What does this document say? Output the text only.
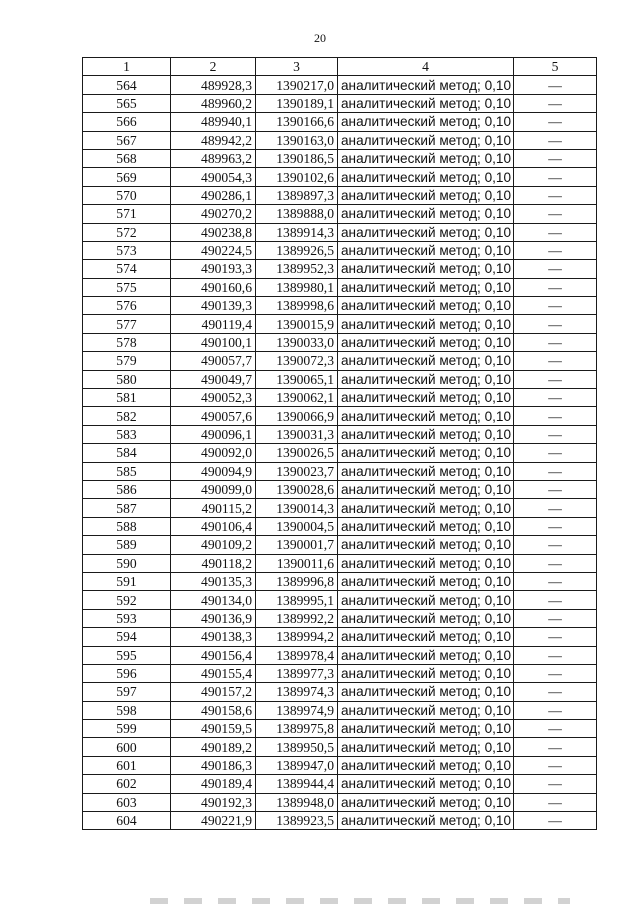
20
1	2	3	4	5
564	489928,3	1390217,0	аналитический метод; 0,10	—
565	489960,2	1390189,1	аналитический метод; 0,10	—
566	489940,1	1390166,6	аналитический метод; 0,10	—
567	489942,2	1390163,0	аналитический метод; 0,10	—
568	489963,2	1390186,5	аналитический метод; 0,10	—
569	490054,3	1390102,6	аналитический метод; 0,10	—
570	490286,1	1389897,3	аналитический метод; 0,10	—
571	490270,2	1389888,0	аналитический метод; 0,10	—
572	490238,8	1389914,3	аналитический метод; 0,10	—
573	490224,5	1389926,5	аналитический метод; 0,10	—
574	490193,3	1389952,3	аналитический метод; 0,10	—
575	490160,6	1389980,1	аналитический метод; 0,10	—
576	490139,3	1389998,6	аналитический метод; 0,10	—
577	490119,4	1390015,9	аналитический метод; 0,10	—
578	490100,1	1390033,0	аналитический метод; 0,10	—
579	490057,7	1390072,3	аналитический метод; 0,10	—
580	490049,7	1390065,1	аналитический метод; 0,10	—
581	490052,3	1390062,1	аналитический метод; 0,10	—
582	490057,6	1390066,9	аналитический метод; 0,10	—
583	490096,1	1390031,3	аналитический метод; 0,10	—
584	490092,0	1390026,5	аналитический метод; 0,10	—
585	490094,9	1390023,7	аналитический метод; 0,10	—
586	490099,0	1390028,6	аналитический метод; 0,10	—
587	490115,2	1390014,3	аналитический метод; 0,10	—
588	490106,4	1390004,5	аналитический метод; 0,10	—
589	490109,2	1390001,7	аналитический метод; 0,10	—
590	490118,2	1390011,6	аналитический метод; 0,10	—
591	490135,3	1389996,8	аналитический метод; 0,10	—
592	490134,0	1389995,1	аналитический метод; 0,10	—
593	490136,9	1389992,2	аналитический метод; 0,10	—
594	490138,3	1389994,2	аналитический метод; 0,10	—
595	490156,4	1389978,4	аналитический метод; 0,10	—
596	490155,4	1389977,3	аналитический метод; 0,10	—
597	490157,2	1389974,3	аналитический метод; 0,10	—
598	490158,6	1389974,9	аналитический метод; 0,10	—
599	490159,5	1389975,8	аналитический метод; 0,10	—
600	490189,2	1389950,5	аналитический метод; 0,10	—
601	490186,3	1389947,0	аналитический метод; 0,10	—
602	490189,4	1389944,4	аналитический метод; 0,10	—
603	490192,3	1389948,0	аналитический метод; 0,10	—
604	490221,9	1389923,5	аналитический метод; 0,10	—
